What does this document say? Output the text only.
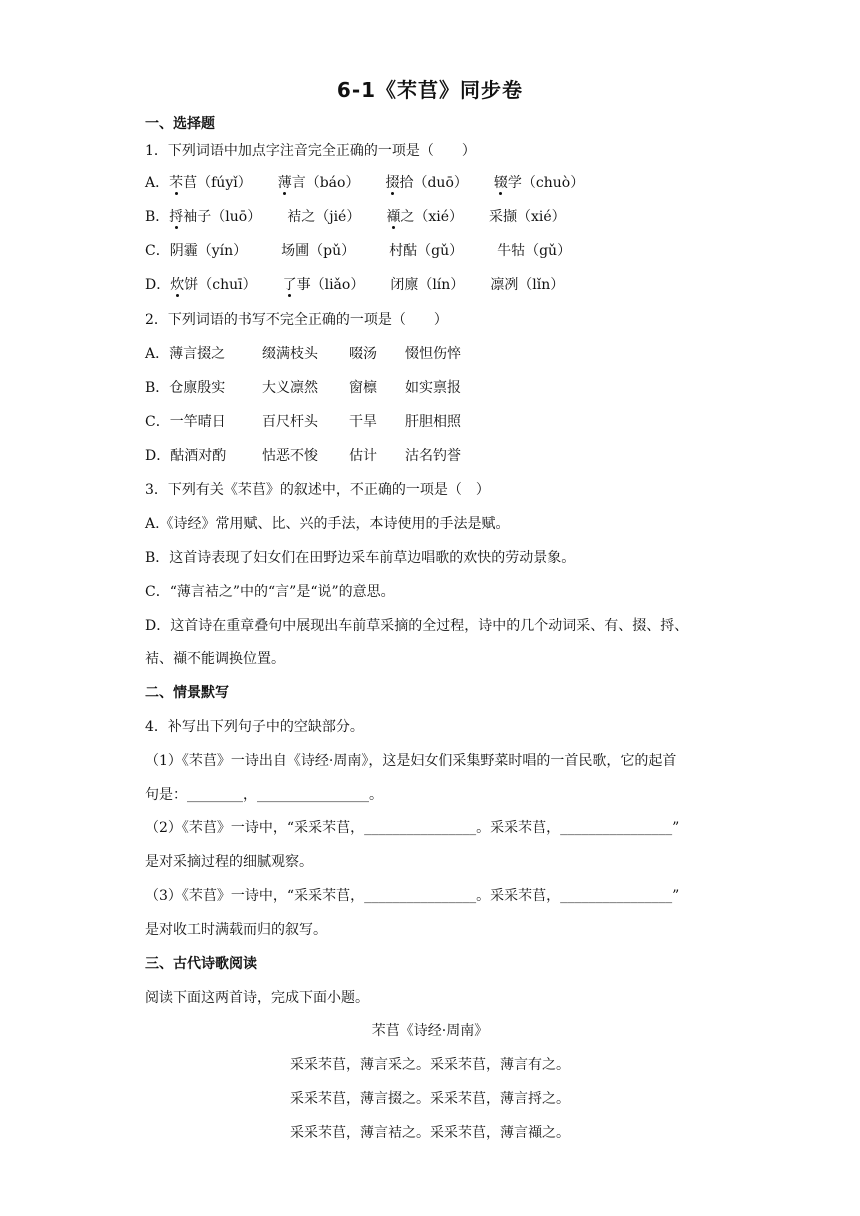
6-1《芣苢》同步卷
一、选择题
1．下列词语中加点字注音完全正确的一项是（　　）
A．芣苢（fúyǐ） 薄言（báo） 掇拾（duō） 辍学（chuò）
B．捋袖子（luō） 袺之（jié） 襭之（xié） 采撷（xié）
C．阴霾（yín） 场圃（pǔ） 村酤（gǔ） 牛牯（gǔ）
D．炊饼（chuī） 了事（liǎo） 闭廪（lín） 凛冽（lǐn）
2．下列词语的书写不完全正确的一项是（　　）
A．薄言掇之	缀满枝头 啜汤 惙怛伤悴
B．仓廪殷实	大义凛然 窗檩 如实禀报
C．一竿晴日	百尺杆头 干旱 肝胆相照
D．酤酒对酌	怙恶不悛 估计 沽名钓誉
3．下列有关《芣苢》的叙述中，不正确的一项是（　）
A.《诗经》常用赋、比、兴的手法，本诗使用的手法是赋。
B．这首诗表现了妇女们在田野边采车前草边唱歌的欢快的劳动景象。
C．“薄言袺之”中的“言”是“说”的意思。
D．这首诗在重章叠句中展现出车前草采摘的全过程，诗中的几个动词采、有、掇、捋、
袺、襭不能调换位置。
二、情景默写
4．补写出下列句子中的空缺部分。
（1）《芣苢》一诗出自《诗经·周南》，这是妇女们采集野菜时唱的一首民歌，它的起首
句是：________，________________。
（2）《芣苢》一诗中，“采采芣苢，________________。采采芣苢，________________”
是对采摘过程的细腻观察。
（3）《芣苢》一诗中，“采采芣苢，________________。采采芣苢，________________”
是对收工时满载而归的叙写。
三、古代诗歌阅读
阅读下面这两首诗，完成下面小题。
芣苢《诗经·周南》
采采芣苢，薄言采之。采采芣苢，薄言有之。
采采芣苢，薄言掇之。采采芣苢，薄言捋之。
采采芣苢，薄言袺之。采采芣苢，薄言襭之。
